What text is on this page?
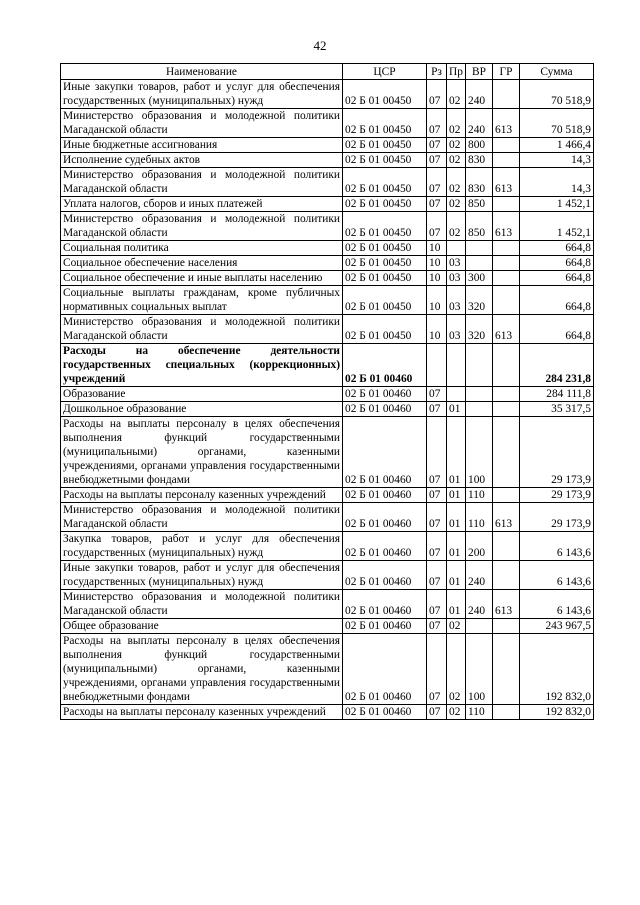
42
Наименование	ЦСР	Рз	Пр	ВР	ГР	Сумма
Иные закупки товаров, работ и услуг для обеспечения государственных (муниципальных) нужд	02 Б 01 00450	07	02	240		70 518,9
Министерство образования и молодежной политики Магаданской области	02 Б 01 00450	07	02	240	613	70 518,9
Иные бюджетные ассигнования	02 Б 01 00450	07	02	800		1 466,4
Исполнение судебных актов	02 Б 01 00450	07	02	830		14,3
Министерство образования и молодежной политики Магаданской области	02 Б 01 00450	07	02	830	613	14,3
Уплата налогов, сборов и иных платежей	02 Б 01 00450	07	02	850		1 452,1
Министерство образования и молодежной политики Магаданской области	02 Б 01 00450	07	02	850	613	1 452,1
Социальная политика	02 Б 01 00450	10				664,8
Социальное обеспечение населения	02 Б 01 00450	10	03			664,8
Социальное обеспечение и иные выплаты населению	02 Б 01 00450	10	03	300		664,8
Социальные выплаты гражданам, кроме публичных нормативных социальных выплат	02 Б 01 00450	10	03	320		664,8
Министерство образования и молодежной политики Магаданской области	02 Б 01 00450	10	03	320	613	664,8
Расходы на обеспечение деятельности государственных специальных (коррекционных) учреждений	02 Б 01 00460					284 231,8
Образование	02 Б 01 00460	07				284 111,8
Дошкольное образование	02 Б 01 00460	07	01			35 317,5
Расходы на выплаты персоналу в целях обеспечения выполнения функций государственными (муниципальными) органами, казенными учреждениями, органами управления государственными внебюджетными фондами	02 Б 01 00460	07	01	100		29 173,9
Расходы на выплаты персоналу казенных учреждений	02 Б 01 00460	07	01	110		29 173,9
Министерство образования и молодежной политики Магаданской области	02 Б 01 00460	07	01	110	613	29 173,9
Закупка товаров, работ и услуг для обеспечения государственных (муниципальных) нужд	02 Б 01 00460	07	01	200		6 143,6
Иные закупки товаров, работ и услуг для обеспечения государственных (муниципальных) нужд	02 Б 01 00460	07	01	240		6 143,6
Министерство образования и молодежной политики Магаданской области	02 Б 01 00460	07	01	240	613	6 143,6
Общее образование	02 Б 01 00460	07	02			243 967,5
Расходы на выплаты персоналу в целях обеспечения выполнения функций государственными (муниципальными) органами, казенными учреждениями, органами управления государственными внебюджетными фондами	02 Б 01 00460	07	02	100		192 832,0
Расходы на выплаты персоналу казенных учреждений	02 Б 01 00460	07	02	110		192 832,0
